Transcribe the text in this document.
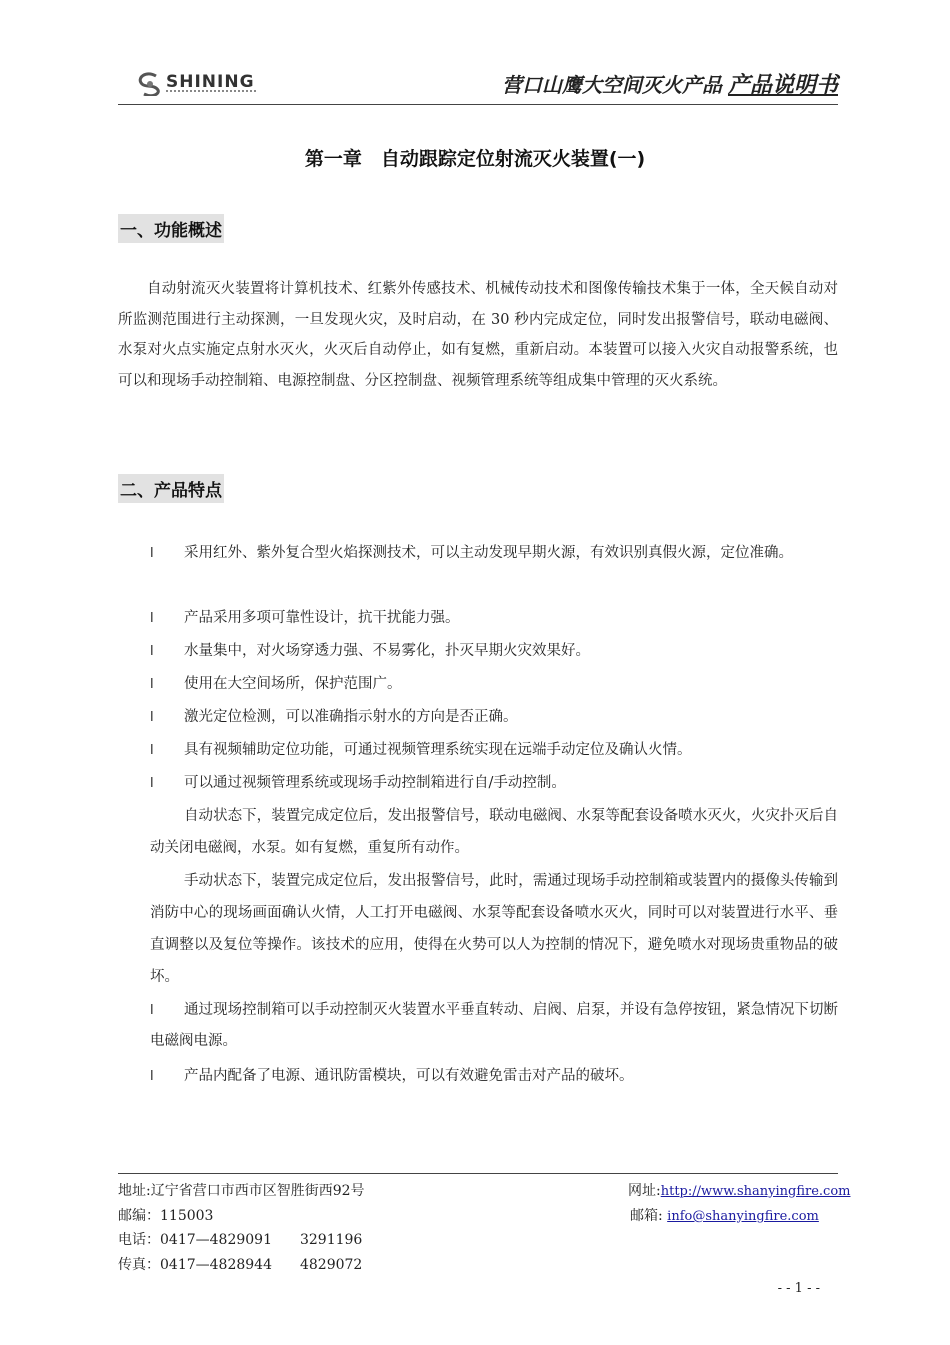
SHINING	营口山鹰大空间灭火产品 产品说明书
第一章　自动跟踪定位射流灭火装置(一)
一、功能概述
自动射流灭火装置将计算机技术、红紫外传感技术、机械传动技术和图像传输技术集于一体，全天候自动对所监测范围进行主动探测，一旦发现火灾，及时启动，在 30 秒内完成定位，同时发出报警信号，联动电磁阀、水泵对火点实施定点射水灭火，火灭后自动停止，如有复燃，重新启动。本装置可以接入火灾自动报警系统，也可以和现场手动控制箱、电源控制盘、分区控制盘、视频管理系统等组成集中管理的灭火系统。
二、产品特点
l	采用红外、紫外复合型火焰探测技术，可以主动发现早期火源，有效识别真假火源，定位准确。
l	产品采用多项可靠性设计，抗干扰能力强。
l	水量集中，对火场穿透力强、不易雾化，扑灭早期火灾效果好。
l	使用在大空间场所，保护范围广。
l	激光定位检测，可以准确指示射水的方向是否正确。
l	具有视频辅助定位功能，可通过视频管理系统实现在远端手动定位及确认火情。
l	可以通过视频管理系统或现场手动控制箱进行自/手动控制。
自动状态下，装置完成定位后，发出报警信号，联动电磁阀、水泵等配套设备喷水灭火，火灾扑灭后自动关闭电磁阀，水泵。如有复燃，重复所有动作。
手动状态下，装置完成定位后，发出报警信号，此时，需通过现场手动控制箱或装置内的摄像头传输到消防中心的现场画面确认火情，人工打开电磁阀、水泵等配套设备喷水灭火，同时可以对装置进行水平、垂直调整以及复位等操作。该技术的应用，使得在火势可以人为控制的情况下，避免喷水对现场贵重物品的破坏。
l	通过现场控制箱可以手动控制灭火装置水平垂直转动、启阀、启泵，并设有急停按钮，紧急情况下切断电磁阀电源。
l	产品内配备了电源、通讯防雷模块，可以有效避免雷击对产品的破坏。
地址:辽宁省营口市西市区智胜街西92号
邮编：115003
电话：0417—4829091　　3291196
传真：0417—4828944　　4829072
网址:http://www.shanyingfire.com
邮箱: info@shanyingfire.com
- - 1 - -
